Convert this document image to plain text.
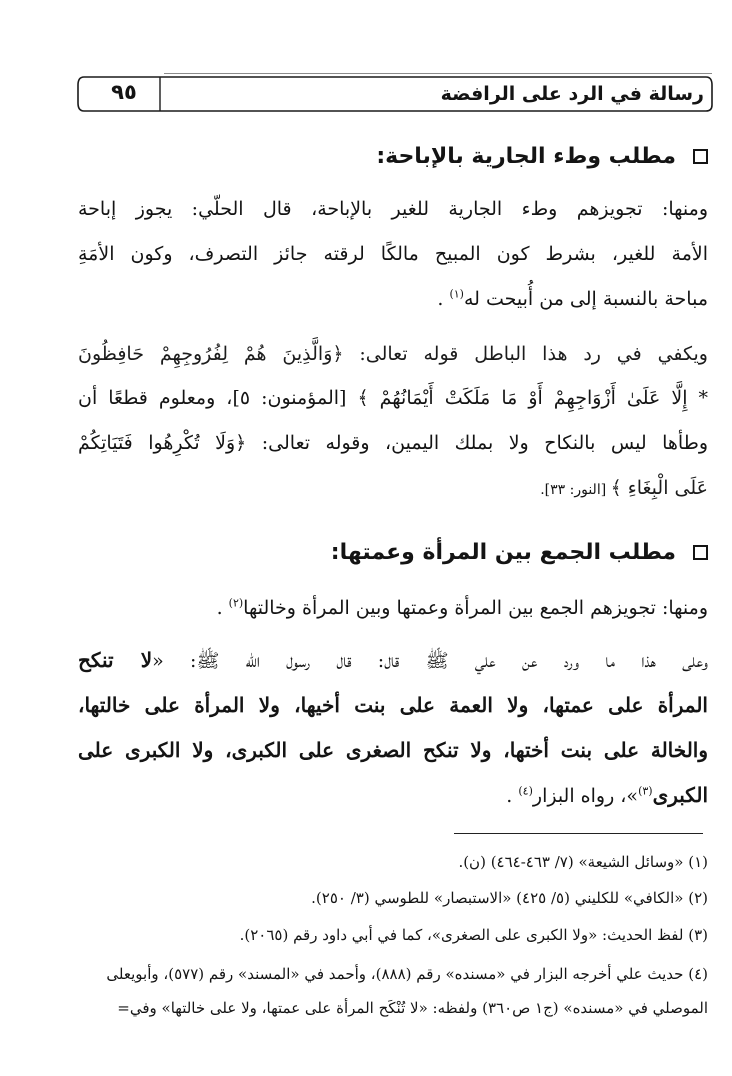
رسالة في الرد على الرافضة
٩٥
مطلب وطء الجارية بالإباحة:
ومنها: تجويزهم وطء الجارية للغير بالإباحة، قال الحلّي: يجوز إباحة
الأمة للغير، بشرط كون المبيح مالكًا لرقته جائز التصرف، وكون الأمَةِ
مباحة بالنسبة إلى من أُبيحت له$^{(١)}$ .
ويكفي في رد هذا الباطل قوله تعالى: ﴿وَالَّذِينَ هُمْ لِفُرُوجِهِمْ حَافِظُونَ
* إِلَّا عَلَىٰ أَزْوَاجِهِمْ أَوْ مَا مَلَكَتْ أَيْمَانُهُمْ ﴾ [المؤمنون: ٥]، ومعلوم قطعًا أن
وطأها ليس بالنكاح ولا بملك اليمين، وقوله تعالى: ﴿وَلَا تُكْرِهُوا فَتَيَاتِكُمْ
عَلَى الْبِغَاءِ ﴾ [النور: ٣٣].
مطلب الجمع بين المرأة وعمتها:
ومنها: تجويزهم الجمع بين المرأة وعمتها وبين المرأة وخالتها$^{(٢)}$ .
وعلى هذا ما ورد عن علي ﷺ قال: قال رسول الله ﷺ: «لا تنكح
المرأة على عمتها، ولا العمة على بنت أخيها، ولا المرأة على خالتها،
والخالة على بنت أختها، ولا تنكح الصغرى على الكبرى، ولا الكبرى على
الكبرى$^{(٣)}$»، رواه البزار$^{(٤)}$ .
(١) «وسائل الشيعة» (٧/ ٤٦٣-٤٦٤) (ن).
(٢) «الكافي» للكليني (٥/ ٤٢٥) «الاستبصار» للطوسي (٣/ ٢٥٠).
(٣) لفظ الحديث: «ولا الكبرى على الصغرى»، كما في أبي داود رقم (٢٠٦٥).
(٤) حديث علي أخرجه البزار في «مسنده» رقم (٨٨٨)، وأحمد في «المسند» رقم (٥٧٧)، وأبويعلى
الموصلي في «مسنده» (ج١ ص٣٦٠) ولفظه: «لا تُنْكَح المرأة على عمتها، ولا على خالتها» وفي=
